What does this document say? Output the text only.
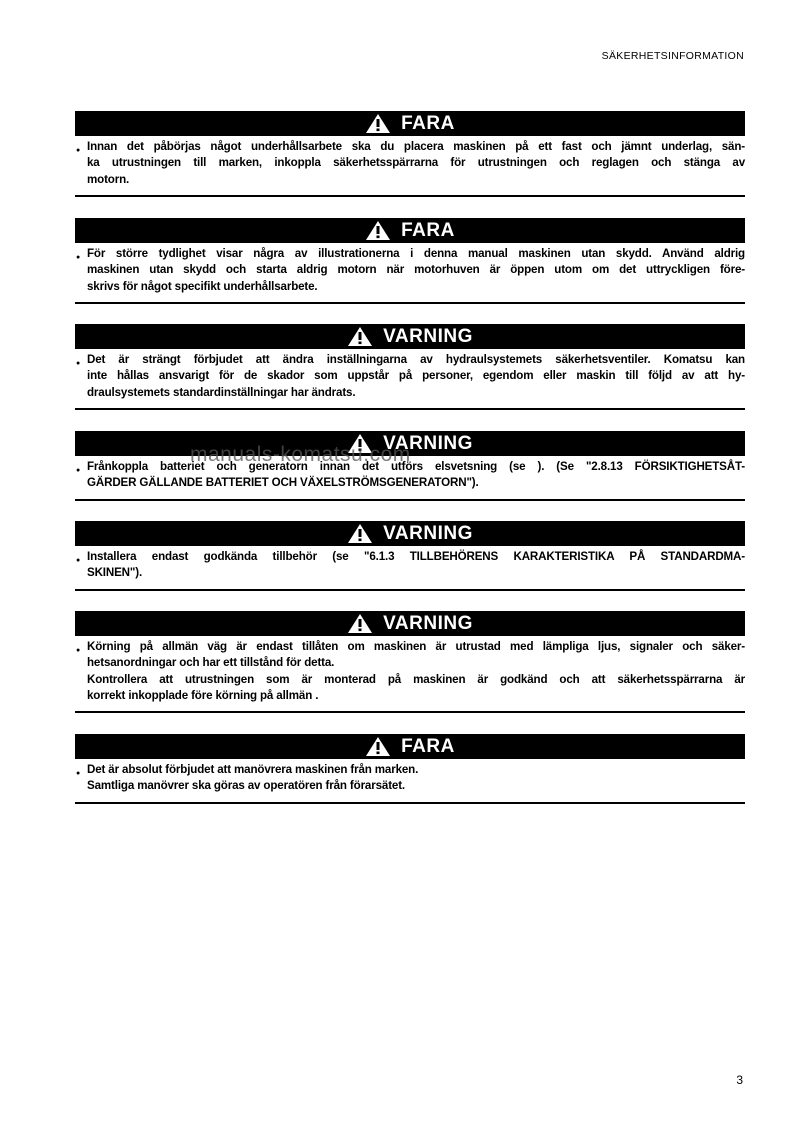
SÄKERHETSINFORMATION
FARA
● Innan det påbörjas något underhållsarbete ska du placera maskinen på ett fast och jämnt underlag, sän-
ka utrustningen till marken, inkoppla säkerhetsspärrarna för utrustningen och reglagen och stänga av
motorn.
FARA
● För större tydlighet visar några av illustrationerna i denna manual maskinen utan skydd. Använd aldrig
maskinen utan skydd och starta aldrig motorn när motorhuven är öppen utom om det uttryckligen före-
skrivs för något specifikt underhållsarbete.
VARNING
● Det är strängt förbjudet att ändra inställningarna av hydraulsystemets säkerhetsventiler. Komatsu kan
inte hållas ansvarigt för de skador som uppstår på personer, egendom eller maskin till följd av att hy-
draulsystemets standardinställningar har ändrats.
VARNING
● Frånkoppla batteriet och generatorn innan det utförs elsvetsning (se ). (Se "2.8.13 FÖRSIKTIGHETSÅT-
GÄRDER GÄLLANDE BATTERIET OCH VÄXELSTRÖMSGENERATORN").
VARNING
● Installera endast godkända tillbehör (se "6.1.3 TILLBEHÖRENS KARAKTERISTIKA PÅ STANDARDMA-
SKINEN").
VARNING
● Körning på allmän väg är endast tillåten om maskinen är utrustad med lämpliga ljus, signaler och säker-
hetsanordningar och har ett tillstånd för detta.
Kontrollera att utrustningen som är monterad på maskinen är godkänd och att säkerhetsspärrarna är
korrekt inkopplade före körning på allmän .
FARA
● Det är absolut förbjudet att manövrera maskinen från marken.
Samtliga manövrer ska göras av operatören från förarsätet.
manuals-komatsu.com
3
